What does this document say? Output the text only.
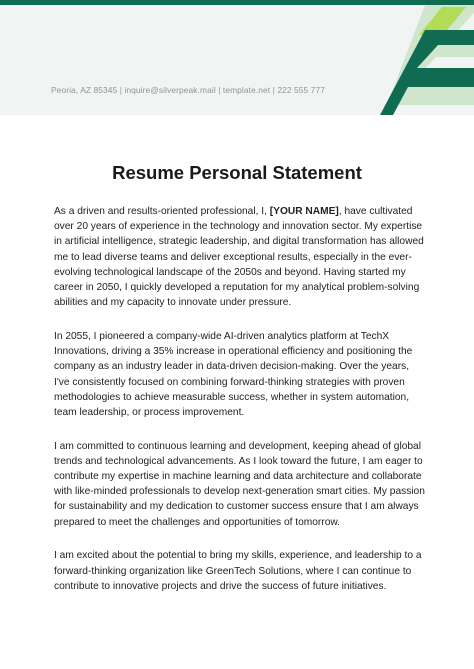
Peoria, AZ 85345 | inquire@silverpeak.mail | template.net | 222 555 777
Resume Personal Statement

As a driven and results-oriented professional, I, [YOUR NAME], have cultivated over 20 years of experience in the technology and innovation sector. My expertise in artificial intelligence, strategic leadership, and digital transformation has allowed me to lead diverse teams and deliver exceptional results, especially in the ever-evolving technological landscape of the 2050s and beyond. Having started my career in 2050, I quickly developed a reputation for my analytical problem-solving abilities and my capacity to innovate under pressure.

In 2055, I pioneered a company-wide AI-driven analytics platform at TechX Innovations, driving a 35% increase in operational efficiency and positioning the company as an industry leader in data-driven decision-making. Over the years, I've consistently focused on combining forward-thinking strategies with proven methodologies to achieve measurable success, whether in system automation, team leadership, or process improvement.

I am committed to continuous learning and development, keeping ahead of global trends and technological advancements. As I look toward the future, I am eager to contribute my expertise in machine learning and data architecture and collaborate with like-minded professionals to develop next-generation smart cities. My passion for sustainability and my dedication to customer success ensure that I am always prepared to meet the challenges and opportunities of tomorrow.

I am excited about the potential to bring my skills, experience, and leadership to a forward-thinking organization like GreenTech Solutions, where I can continue to contribute to innovative projects and drive the success of future initiatives.
